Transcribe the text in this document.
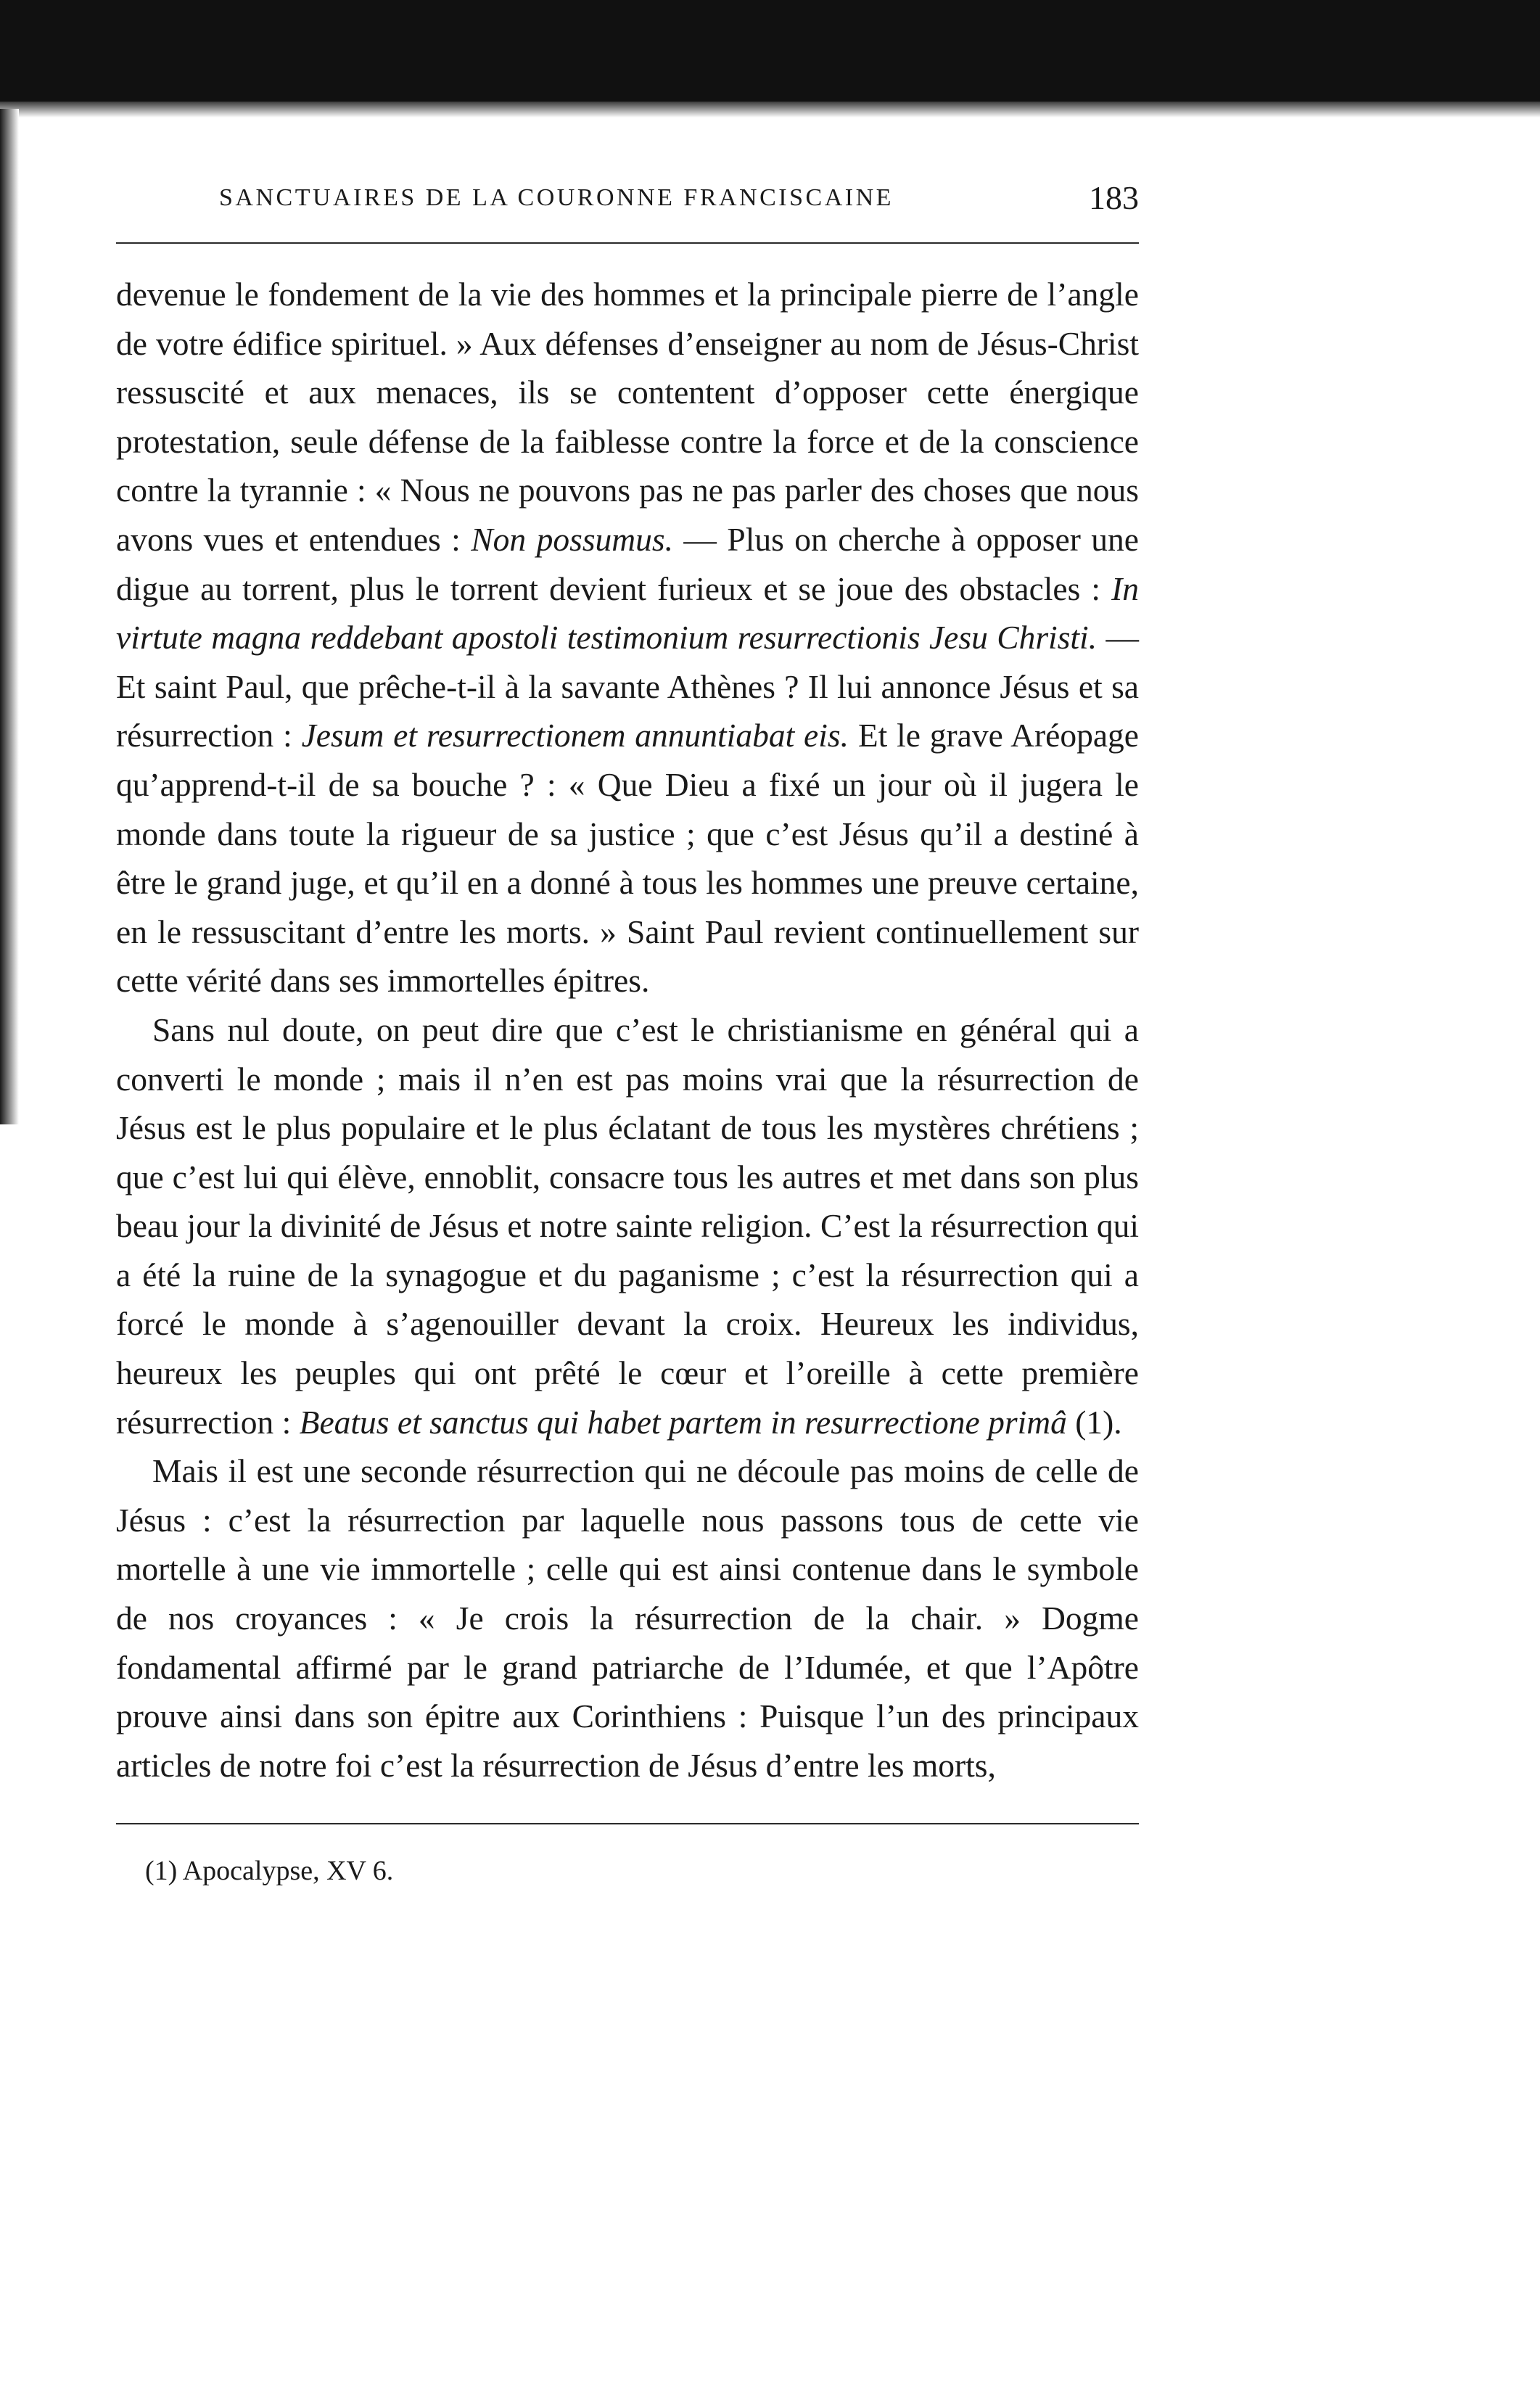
SANCTUAIRES DE LA COURONNE FRANCISCAINE	183

devenue le fondement de la vie des hommes et la principale pierre de l’angle de votre édifice spirituel. » Aux défenses d’enseigner au nom de Jésus-Christ ressuscité et aux menaces, ils se contentent d’opposer cette énergique protestation, seule défense de la faiblesse contre la force et de la conscience contre la tyrannie : « Nous ne pouvons pas ne pas parler des choses que nous avons vues et entendues : Non possumus. — Plus on cherche à opposer une digue au torrent, plus le torrent devient furieux et se joue des obstacles : In virtute magna reddebant apostoli testimonium resurrectionis Jesu Christi. — Et saint Paul, que prêche-t-il à la savante Athènes ? Il lui annonce Jésus et sa résurrection : Jesum et resurrectionem annuntiabat eis. Et le grave Aréopage qu’apprend-t-il de sa bouche ? : « Que Dieu a fixé un jour où il jugera le monde dans toute la rigueur de sa justice ; que c’est Jésus qu’il a destiné à être le grand juge, et qu’il en a donné à tous les hommes une preuve certaine, en le ressuscitant d’entre les morts. » Saint Paul revient continuellement sur cette vérité dans ses immortelles épitres.

Sans nul doute, on peut dire que c’est le christianisme en général qui a converti le monde ; mais il n’en est pas moins vrai que la résurrection de Jésus est le plus populaire et le plus éclatant de tous les mystères chrétiens ; que c’est lui qui élève, ennoblit, consacre tous les autres et met dans son plus beau jour la divinité de Jésus et notre sainte religion. C’est la résurrection qui a été la ruine de la synagogue et du paganisme ; c’est la résurrection qui a forcé le monde à s’agenouiller devant la croix. Heureux les individus, heureux les peuples qui ont prêté le cœur et l’oreille à cette première résurrection : Beatus et sanctus qui habet partem in resurrectione primâ (1).

Mais il est une seconde résurrection qui ne découle pas moins de celle de Jésus : c’est la résurrection par laquelle nous passons tous de cette vie mortelle à une vie immortelle ; celle qui est ainsi contenue dans le symbole de nos croyances : « Je crois la résurrection de la chair. » Dogme fondamental affirmé par le grand patriarche de l’Idumée, et que l’Apôtre prouve ainsi dans son épitre aux Corinthiens : Puisque l’un des principaux articles de notre foi c’est la résurrection de Jésus d’entre les morts,

(1) Apocalypse, XV 6.
